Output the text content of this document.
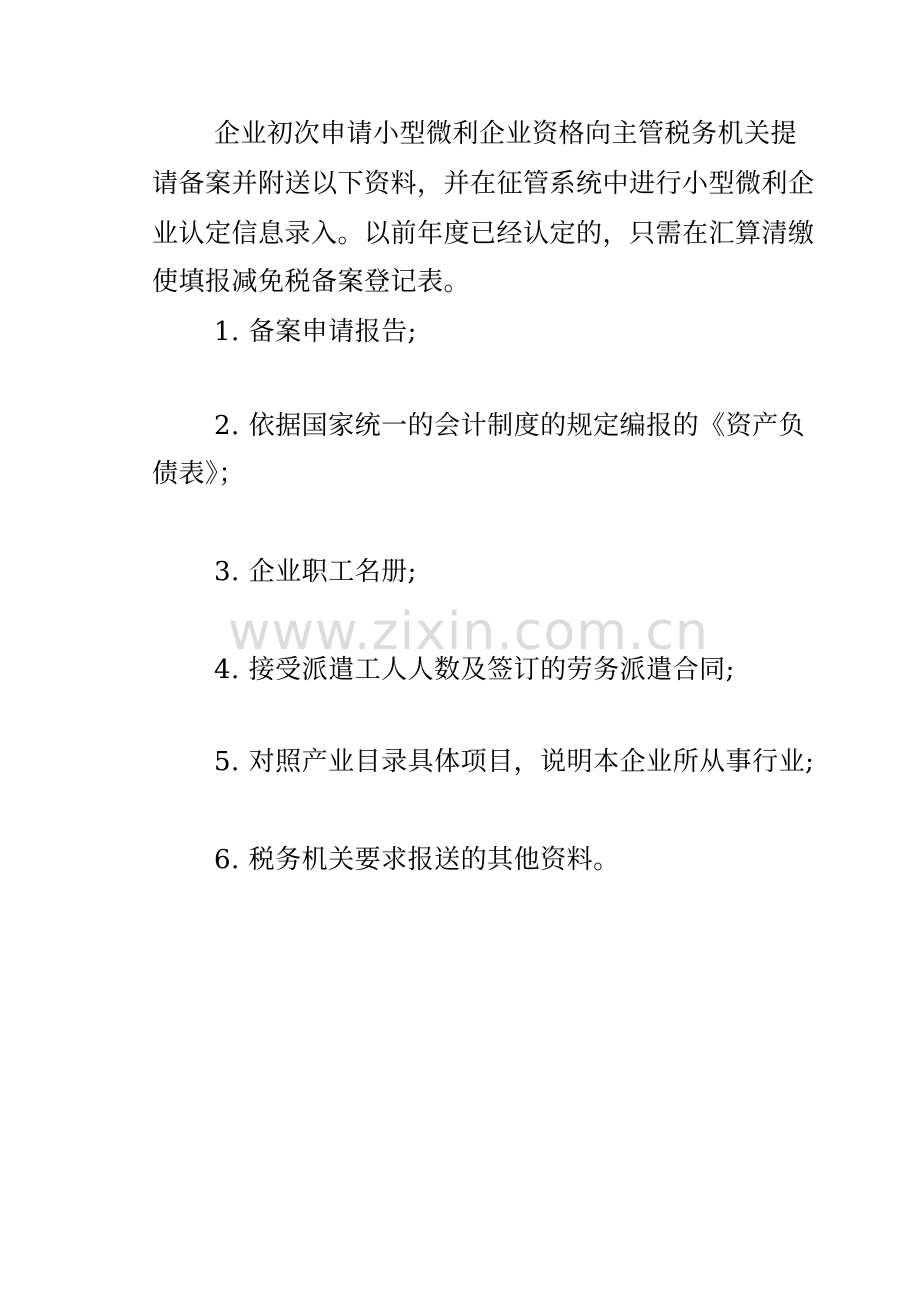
企业初次申请小型微利企业资格向主管税务机关提
请备案并附送以下资料，并在征管系统中进行小型微利企
业认定信息录入。以前年度已经认定的，只需在汇算清缴
使填报减免税备案登记表。
1. 备案申请报告;
2. 依据国家统一的会计制度的规定编报的《资产负
债表》；
3. 企业职工名册;
4. 接受派遣工人人数及签订的劳务派遣合同;
5. 对照产业目录具体项目，说明本企业所从事行业;
6. 税务机关要求报送的其他资料。
www.zixin.com.cn
